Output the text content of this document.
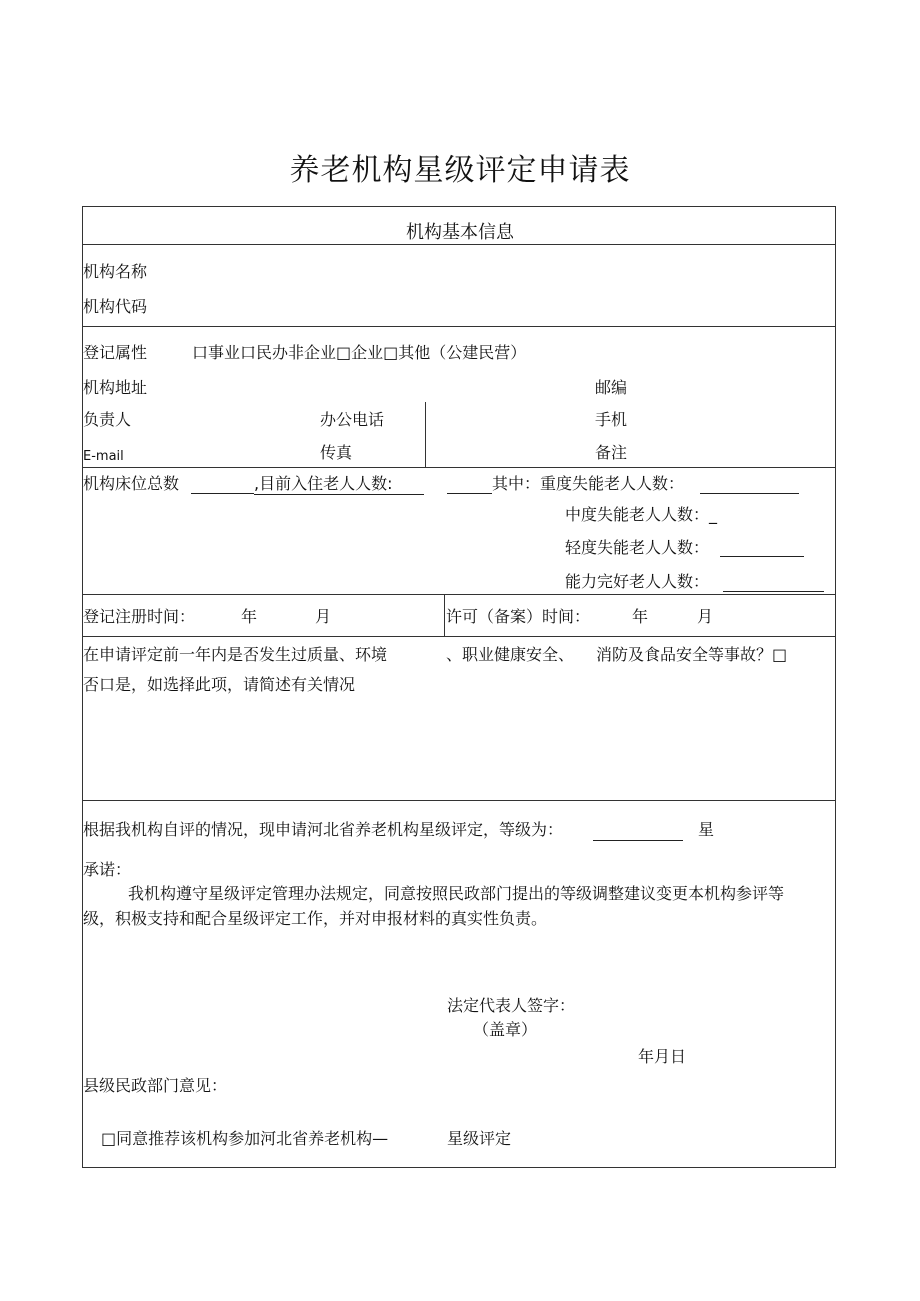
养老机构星级评定申请表
机构基本信息
机构名称
机构代码
登记属性	口事业口民办非企业□企业□其他（公建民营）
机构地址	邮编
负责人	办公电话	手机
E-mail	传真	备注
机构床位总数	,目前入住老人人数:	其中：重度失能老人人数：
中度失能老人人数：_
轻度失能老人人数：
能力完好老人人数：
登记注册时间：	年	月	许可（备案）时间：	年	月
在申请评定前一年内是否发生过质量、环境	、职业健康安全、 消防及食品安全等事故？□
否口是，如选择此项，请简述有关情况
根据我机构自评的情况，现申请河北省养老机构星级评定，等级为：	星
承诺：
我机构遵守星级评定管理办法规定，同意按照民政部门提出的等级调整建议变更本机构参评等
级，积极支持和配合星级评定工作，并对申报材料的真实性负责。
法定代表人签字：
（盖章）
年月日
县级民政部门意见：
□同意推荐该机构参加河北省养老机构—	星级评定
